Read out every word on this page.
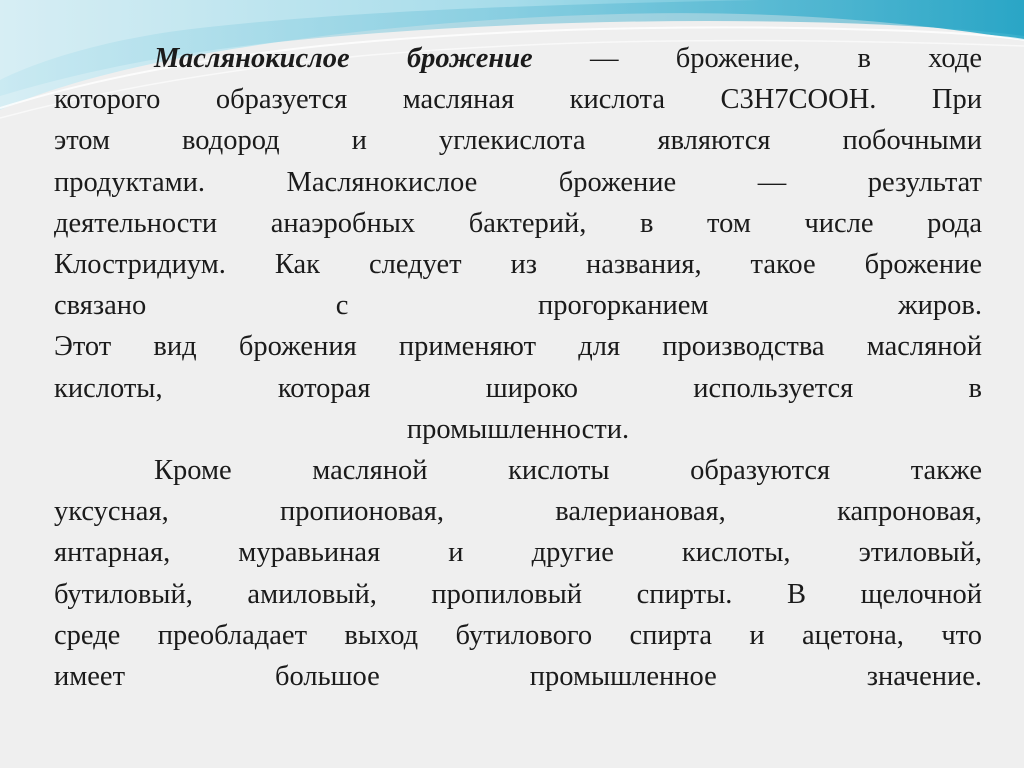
Маслянокислое брожение — брожение, в ходе
которого образуется масляная кислота C3H7COOH. При
этом водород и углекислота являются побочными
продуктами. Маслянокислое брожение — результат
деятельности анаэробных бактерий, в том числе рода
Клостридиум. Как следует из названия, такое брожение
связано с прогорканием жиров.
Этот вид брожения применяют для производства масляной
кислоты, которая широко используется в
промышленности.
Кроме масляной кислоты образуются также
уксусная, пропионовая, валериановая, капроновая,
янтарная, муравьиная и другие кислоты, этиловый,
бутиловый, амиловый, пропиловый спирты. В щелочной
среде преобладает выход бутилового спирта и ацетона, что
имеет большое промышленное значение.
